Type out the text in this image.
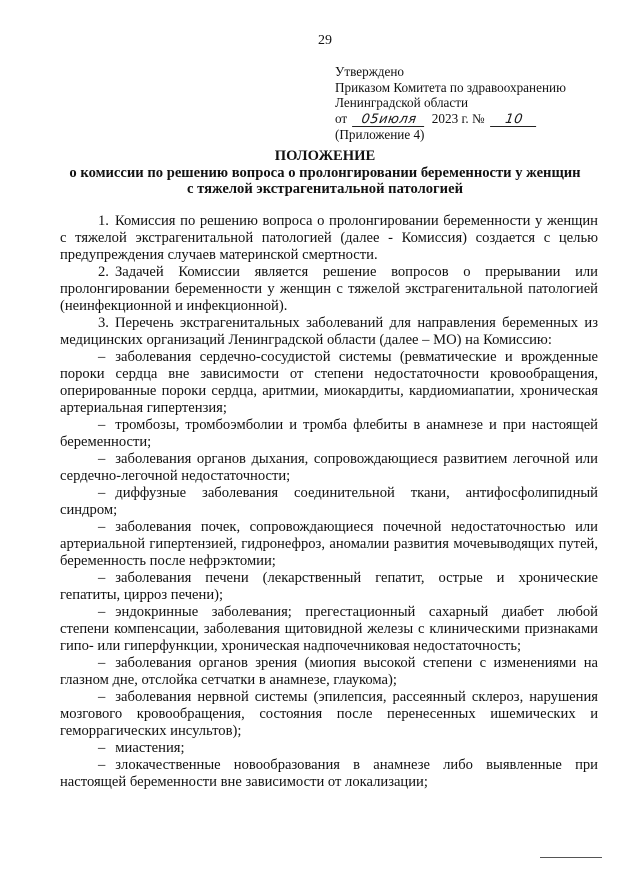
29
Утверждено
Приказом Комитета по здравоохранению
Ленинградской области
от 05июля 2023 г. № 10
(Приложение 4)
ПОЛОЖЕНИЕ
о комиссии по решению вопроса о пролонгировании беременности у женщин
с тяжелой экстрагенитальной патологией

1. Комиссия по решению вопроса о пролонгировании беременности у женщин с тяжелой экстрагенитальной патологией (далее - Комиссия) создается с целью предупреждения случаев материнской смертности.

2. Задачей Комиссии является решение вопросов о прерывании или пролонгировании беременности у женщин с тяжелой экстрагенитальной патологией (неинфекционной и инфекционной).

3. Перечень экстрагенитальных заболеваний для направления беременных из медицинских организаций Ленинградской области (далее – МО) на Комиссию:

– заболевания сердечно-сосудистой системы (ревматические и врожденные пороки сердца вне зависимости от степени недостаточности кровообращения, оперированные пороки сердца, аритмии, миокардиты, кардиомиапатии, хроническая артериальная гипертензия;

– тромбозы, тромбоэмболии и тромба флебиты в анамнезе и при настоящей беременности;

– заболевания органов дыхания, сопровождающиеся развитием легочной или сердечно-легочной недостаточности;

– диффузные заболевания соединительной ткани, антифосфолипидный синдром;

– заболевания почек, сопровождающиеся почечной недостаточностью или артериальной гипертензией, гидронефроз, аномалии развития мочевыводящих путей, беременность после нефрэктомии;

– заболевания печени (лекарственный гепатит, острые и хронические гепатиты, цирроз печени);

– эндокринные заболевания; прегестационный сахарный диабет любой степени компенсации, заболевания щитовидной железы с клиническими признаками гипо- или гиперфункции, хроническая надпочечниковая недостаточность;

– заболевания органов зрения (миопия высокой степени с изменениями на глазном дне, отслойка сетчатки в анамнезе, глаукома);

– заболевания нервной системы (эпилепсия, рассеянный склероз, нарушения мозгового кровообращения, состояния после перенесенных ишемических и геморрагических инсультов);

– миастения;

– злокачественные новообразования в анамнезе либо выявленные при настоящей беременности вне зависимости от локализации;
